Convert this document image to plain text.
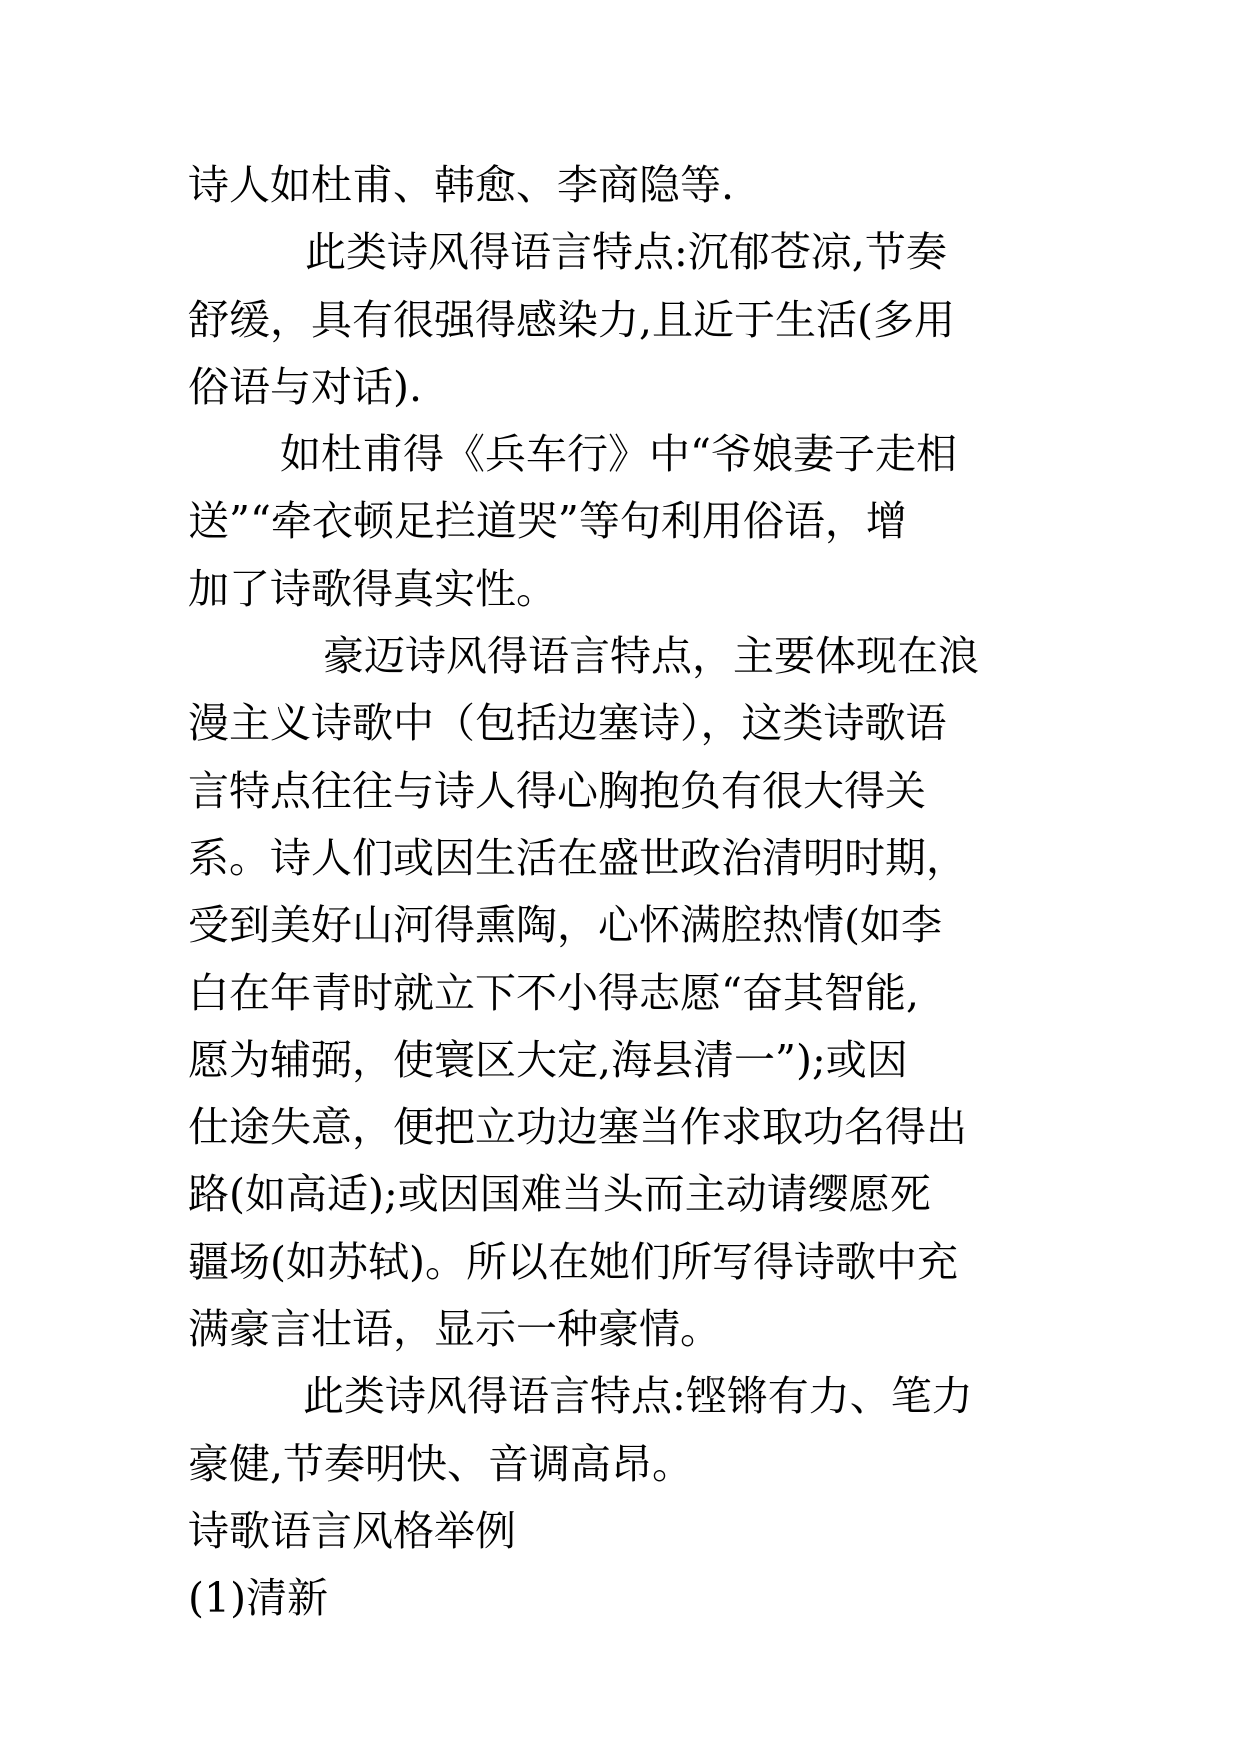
诗人如杜甫、韩愈、李商隐等.
此类诗风得语言特点:沉郁苍凉,节奏
舒缓，具有很强得感染力,且近于生活(多用
俗语与对话).
如杜甫得《兵车行》中“爷娘妻子走相
送”“牵衣顿足拦道哭”等句利用俗语，增
加了诗歌得真实性。
豪迈诗风得语言特点，主要体现在浪
漫主义诗歌中（包括边塞诗），这类诗歌语
言特点往往与诗人得心胸抱负有很大得关
系。诗人们或因生活在盛世政治清明时期，
受到美好山河得熏陶，心怀满腔热情(如李
白在年青时就立下不小得志愿“奋其智能,
愿为辅弼，使寰区大定,海县清一”);或因
仕途失意，便把立功边塞当作求取功名得出
路(如高适);或因国难当头而主动请缨愿死
疆场(如苏轼)。所以在她们所写得诗歌中充
满豪言壮语，显示一种豪情。
此类诗风得语言特点:铿锵有力、笔力
豪健,节奏明快、音调高昂。
诗歌语言风格举例
(1)清新
